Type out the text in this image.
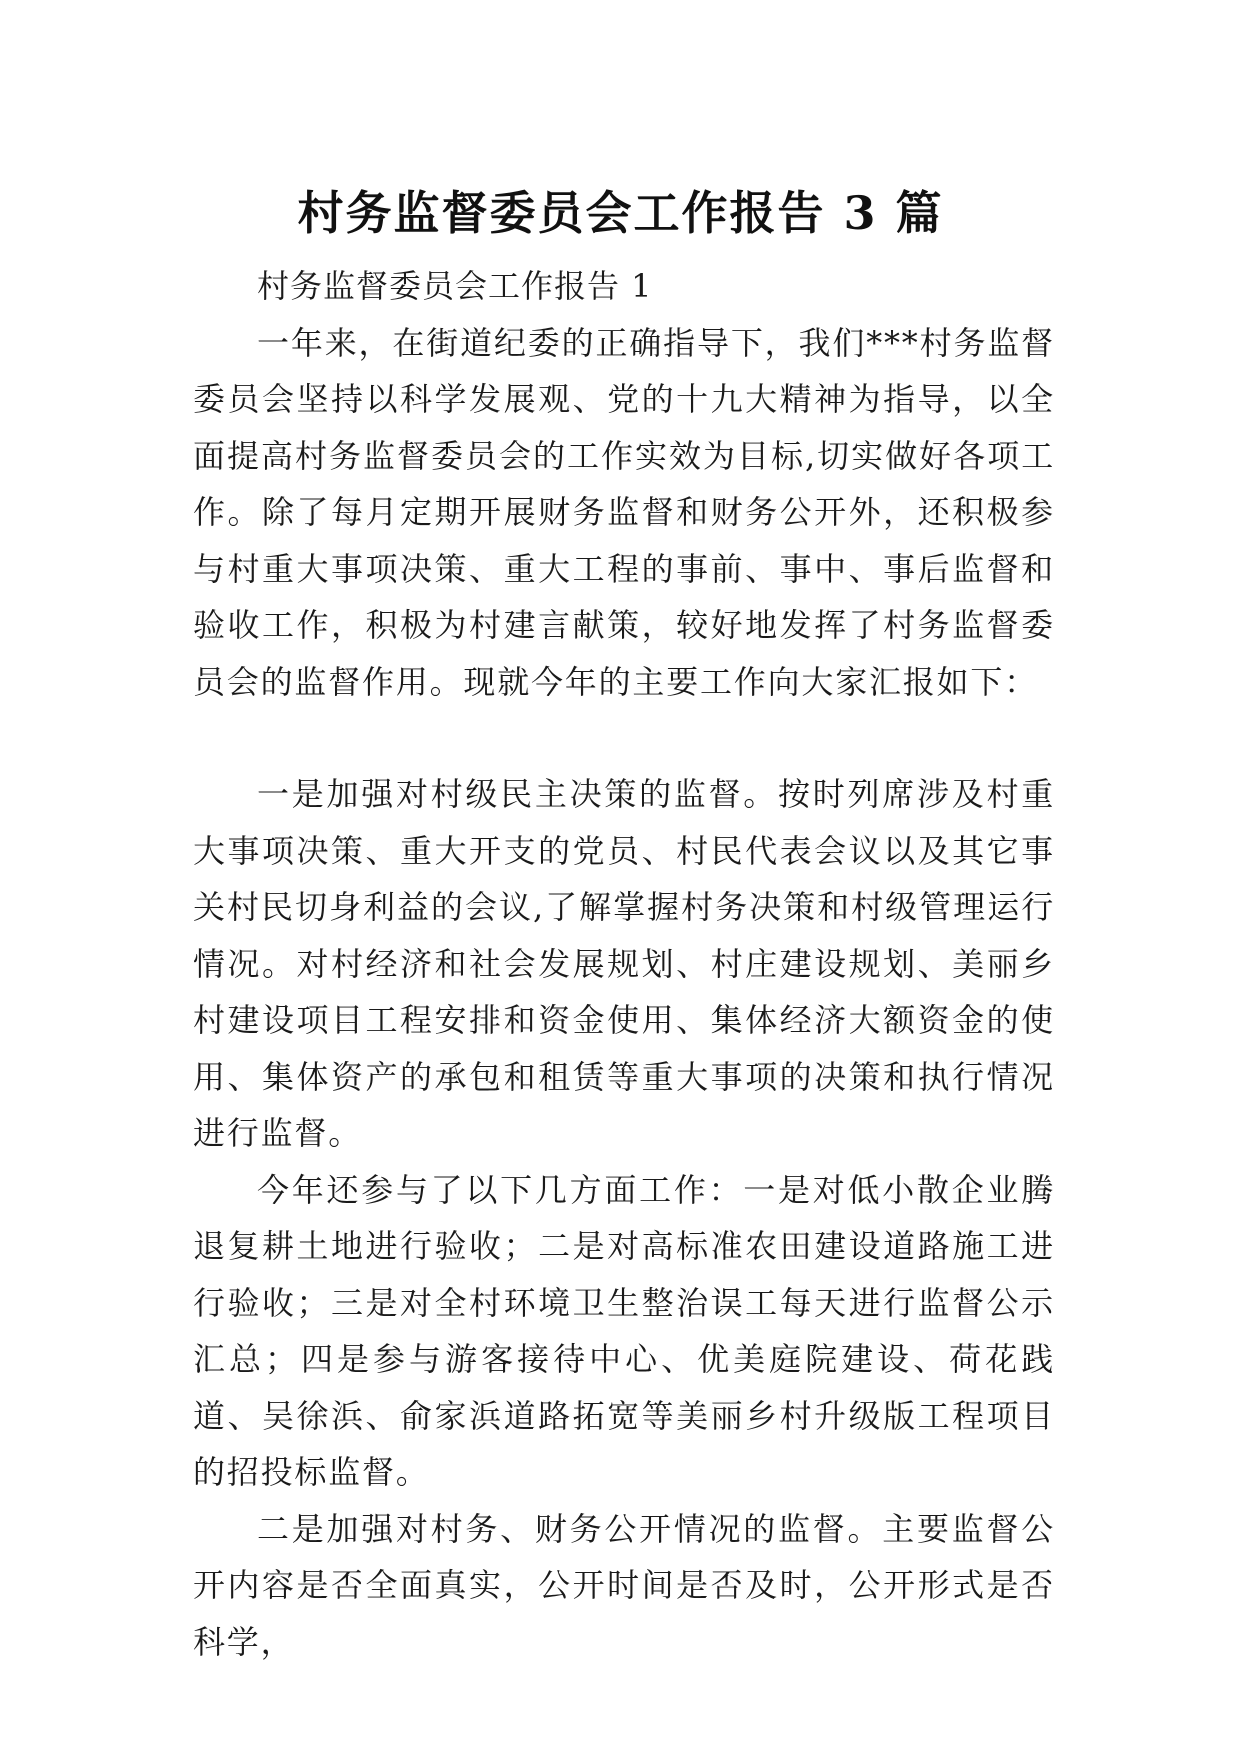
村务监督委员会工作报告 3 篇

村务监督委员会工作报告 1

一年来，在街道纪委的正确指导下，我们***村务监督委员会坚持以科学发展观、党的十九大精神为指导，以全面提高村务监督委员会的工作实效为目标,切实做好各项工作。除了每月定期开展财务监督和财务公开外，还积极参与村重大事项决策、重大工程的事前、事中、事后监督和验收工作，积极为村建言献策，较好地发挥了村务监督委员会的监督作用。现就今年的主要工作向大家汇报如下：

一是加强对村级民主决策的监督。按时列席涉及村重大事项决策、重大开支的党员、村民代表会议以及其它事关村民切身利益的会议,了解掌握村务决策和村级管理运行情况。对村经济和社会发展规划、村庄建设规划、美丽乡村建设项目工程安排和资金使用、集体经济大额资金的使用、集体资产的承包和租赁等重大事项的决策和执行情况进行监督。

今年还参与了以下几方面工作：一是对低小散企业腾退复耕土地进行验收；二是对高标准农田建设道路施工进行验收；三是对全村环境卫生整治误工每天进行监督公示汇总；四是参与游客接待中心、优美庭院建设、荷花践道、吴徐浜、俞家浜道路拓宽等美丽乡村升级版工程项目的招投标监督。

二是加强对村务、财务公开情况的监督。主要监督公开内容是否全面真实，公开时间是否及时，公开形式是否科学，
